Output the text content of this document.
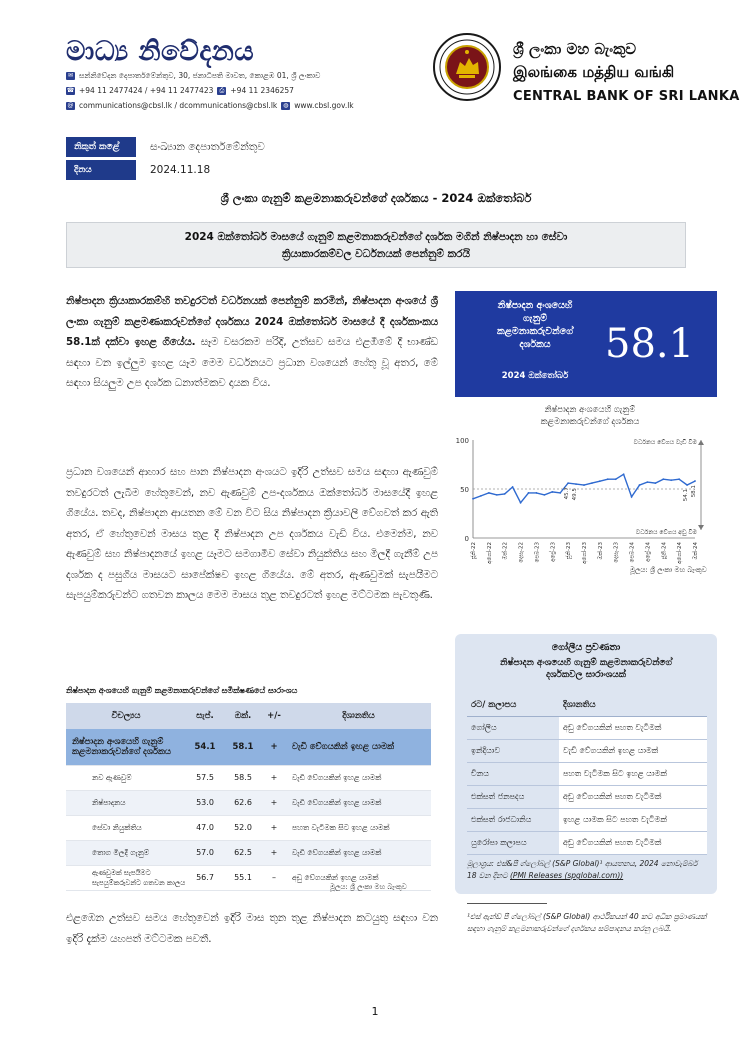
මාධ්‍ය නිවේදනය
✉ සන්නිවේදන දෙපාර්තමේන්තුව, 30, ජනාධිපති මාවත, කොළඹ 01, ශ්‍රී ලංකාව
☎ +94 11 2477424 / +94 11 2477423	⎙ +94 11 2346257
@ communications@cbsl.lk / dcommunications@cbsl.lk ◍ www.cbsl.gov.lk
ශ්‍රී ලංකා මහ බැංකුව
இலங்கை மத்திய வங்கி
CENTRAL BANK OF SRI LANKA
නිකුත් කළේ	සංඛ්‍යාන දෙපාර්තමේන්තුව
දිනය	2024.11.18
ශ්‍රී ලංකා ගැනුම් කළමනාකරුවන්ගේ දර්ශකය - 2024 ඔක්තෝබර්
2024 ඔක්තෝබර් මාසයේ ගැනුම් කළමනාකරුවන්ගේ දර්ශක මගින් නිෂ්පාදන හා සේවා
ක්‍රියාකාරකම්වල වර්ධනයක් පෙන්නුම් කරයි
නිෂ්පාදන ක්‍රියාකාරකම්හි තවදුරටත් වර්ධනයක් පෙන්නුම් කරමින්, නිෂ්පාදන අංශයේ ශ්‍රී ලංකා ගැනුම් කළමණාකරුවන්ගේ දර්ශකය 2024 ඔක්තෝබර් මාසයේ දී දර්ශකාංකය 58.1ක් දක්වා ඉහළ ගියේය. සෑම වසරකම පරිදි, උත්සව සමය එළඹීමේ දී භාණ්ඩ සඳහා වන ඉල්ලුම ඉහළ යෑම මෙම වර්ධනයට ප්‍රධාන වශයෙන් හේතු වූ අතර, මේ සඳහා සියලුම උප දර්ශක ධනාත්මකව දායක විය.
ප්‍රධාන වශයෙන් ආහාර සහ පාන නිෂ්පාදන අංශයට ඉදිරි උත්සව සමය සඳහා ඇණවුම් තවදුරටත් ලැබීම හේතුවෙන්, නව ඇණවුම් උප-දර්ශකය ඔක්තෝබර් මාසයේදී ඉහළ ගියේය. තවද, නිෂ්පාදන ආයතන මේ වන විට සිය නිෂ්පාදන ක්‍රියාවලි වේගවත් කර ඇති අතර, ඒ හේතුවෙන් මාසය තුළ දී නිෂ්පාදන උප දර්ශකය වැඩි විය. එමෙන්ම, නව ඇණවුම් සහ නිෂ්පාදනයේ ඉහළ යෑමට සමගාමීව සේවා නියුක්තිය සහ මිලදී ගැනීම් උප දර්ශක ද පසුගිය මාසයට සාපේක්ෂව ඉහළ ගියේය. මේ අතර, ඇණවුමක් සැපයීමට සැපයුම්කරුවන්ට ගතවන කාලය මෙම මාසය තුළ තවදුරටත් ඉහළ මට්ටමක පැවතුණි.
එළඹෙන උත්සව සමය හේතුවෙන් ඉදිරි මාස තුන තුළ නිෂ්පාදන කටයුතු සඳහා වන ඉදිරි දැක්ම යහපත් මට්ටමක පවතී.
නිෂ්පාදන අංශයෙහි
ගැනුම්
කළමනාකරුවන්ගේ
දර්ශකය
2024 ඔක්තෝබර්
58.1
නිෂ්පාදන අංශයෙහි ගැනුම්
කළමනාකරුවන්ගේ දර්ශකය
0
50
100	වර්ධනය වේගය වැඩි වීම
වර්ධනය වේගය අඩු වීම
45.7 49.5	54.1 58.1
ජූනි-22 අගෝ-22 ඔක්-22 දෙසැ-22 පෙබ-23 අප්‍රේ-23 ජූනි-23 අගෝ-23 ඔක්-23 දෙසැ-23 පෙබ-24 අප්‍රේ-24 ජූනි-24 අගෝ-24 ඔක්-24
මූලය: ශ්‍රී ලංකා මහ බැංකුව
නිෂ්පාදන අංශයෙහි ගැනුම් කළමනාකරුවන්ගේ සමීක්ෂණයේ සාරාංශය
විචල්‍යය	සැප්.	ඔක්.	+/-	දිශානතිය

නිෂ්පාදන අංශයෙහි ගැනුම්
කළමනාකරුවන්ගේ දර්ශකය	54.1	58.1	+	වැඩි වේගයකින් ඉහළ යාමක්
නව ඇණවුම්	57.5	58.5	+	වැඩි වේගයකින් ඉහළ යාමක්
නිෂ්පාදනය	53.0	62.6	+	වැඩි වේගයකින් ඉහළ යාමක්
සේවා නියුක්තිය	47.0	52.0	+	පහත වැටීමක සිට ඉහළ යාමක්
තොග මිලදී ගැනුම්	57.0	62.5	+	වැඩි වේගයකින් ඉහළ යාමක්

ඇණවුමක් සැපයීමට
සැපයුම්කරුවන්ට ගතවන කාලය	56.7	55.1	–	අඩු වේගයකින් ඉහළ යාමක්
මූලය: ශ්‍රී ලංකා මහ බැංකුව
ගෝලීය ප්‍රවණතා
නිෂ්පාදන අංශයෙහි ගැනුම් කළමනාකරුවන්ගේ
දර්ශකවල සාරාංශයක්
රට/ කලාපය	දිශානතිය
ගෝලීය	අඩු වේගයකින් පහත වැටීමක්
ඉන්දියාව	වැඩි වේගයකින් ඉහළ යාමක්
චීනය	පහත වැටීමක සිට ඉහළ යාමක්
එක්සත් ජනපදය	අඩු වේගයකින් පහත වැටීමක්
එක්සත් රාජධානිය	ඉහළ යාමක සිට පහත වැටීමක්
යුරෝපා කලාපය	අඩු වේගයකින් පහත වැටීමක්
මූලාශ්‍රය: එස්&පී ග්ලෝබල් (S&P Global)¹ ආයතනය, 2024 නොවැම්බර් 18 වන දිනට (PMI Releases (spglobal.com))
¹එස් ඇන්ඩ් පී ග්ලෝබල් (S&P Global) ආර්ථිකයන් 40 කට අධික ප්‍රමාණයක් සඳහා ගැනුම් කළමනාකරුවන්ගේ දර්ශකය සම්පාදනය කරනු ලබයි.
1
